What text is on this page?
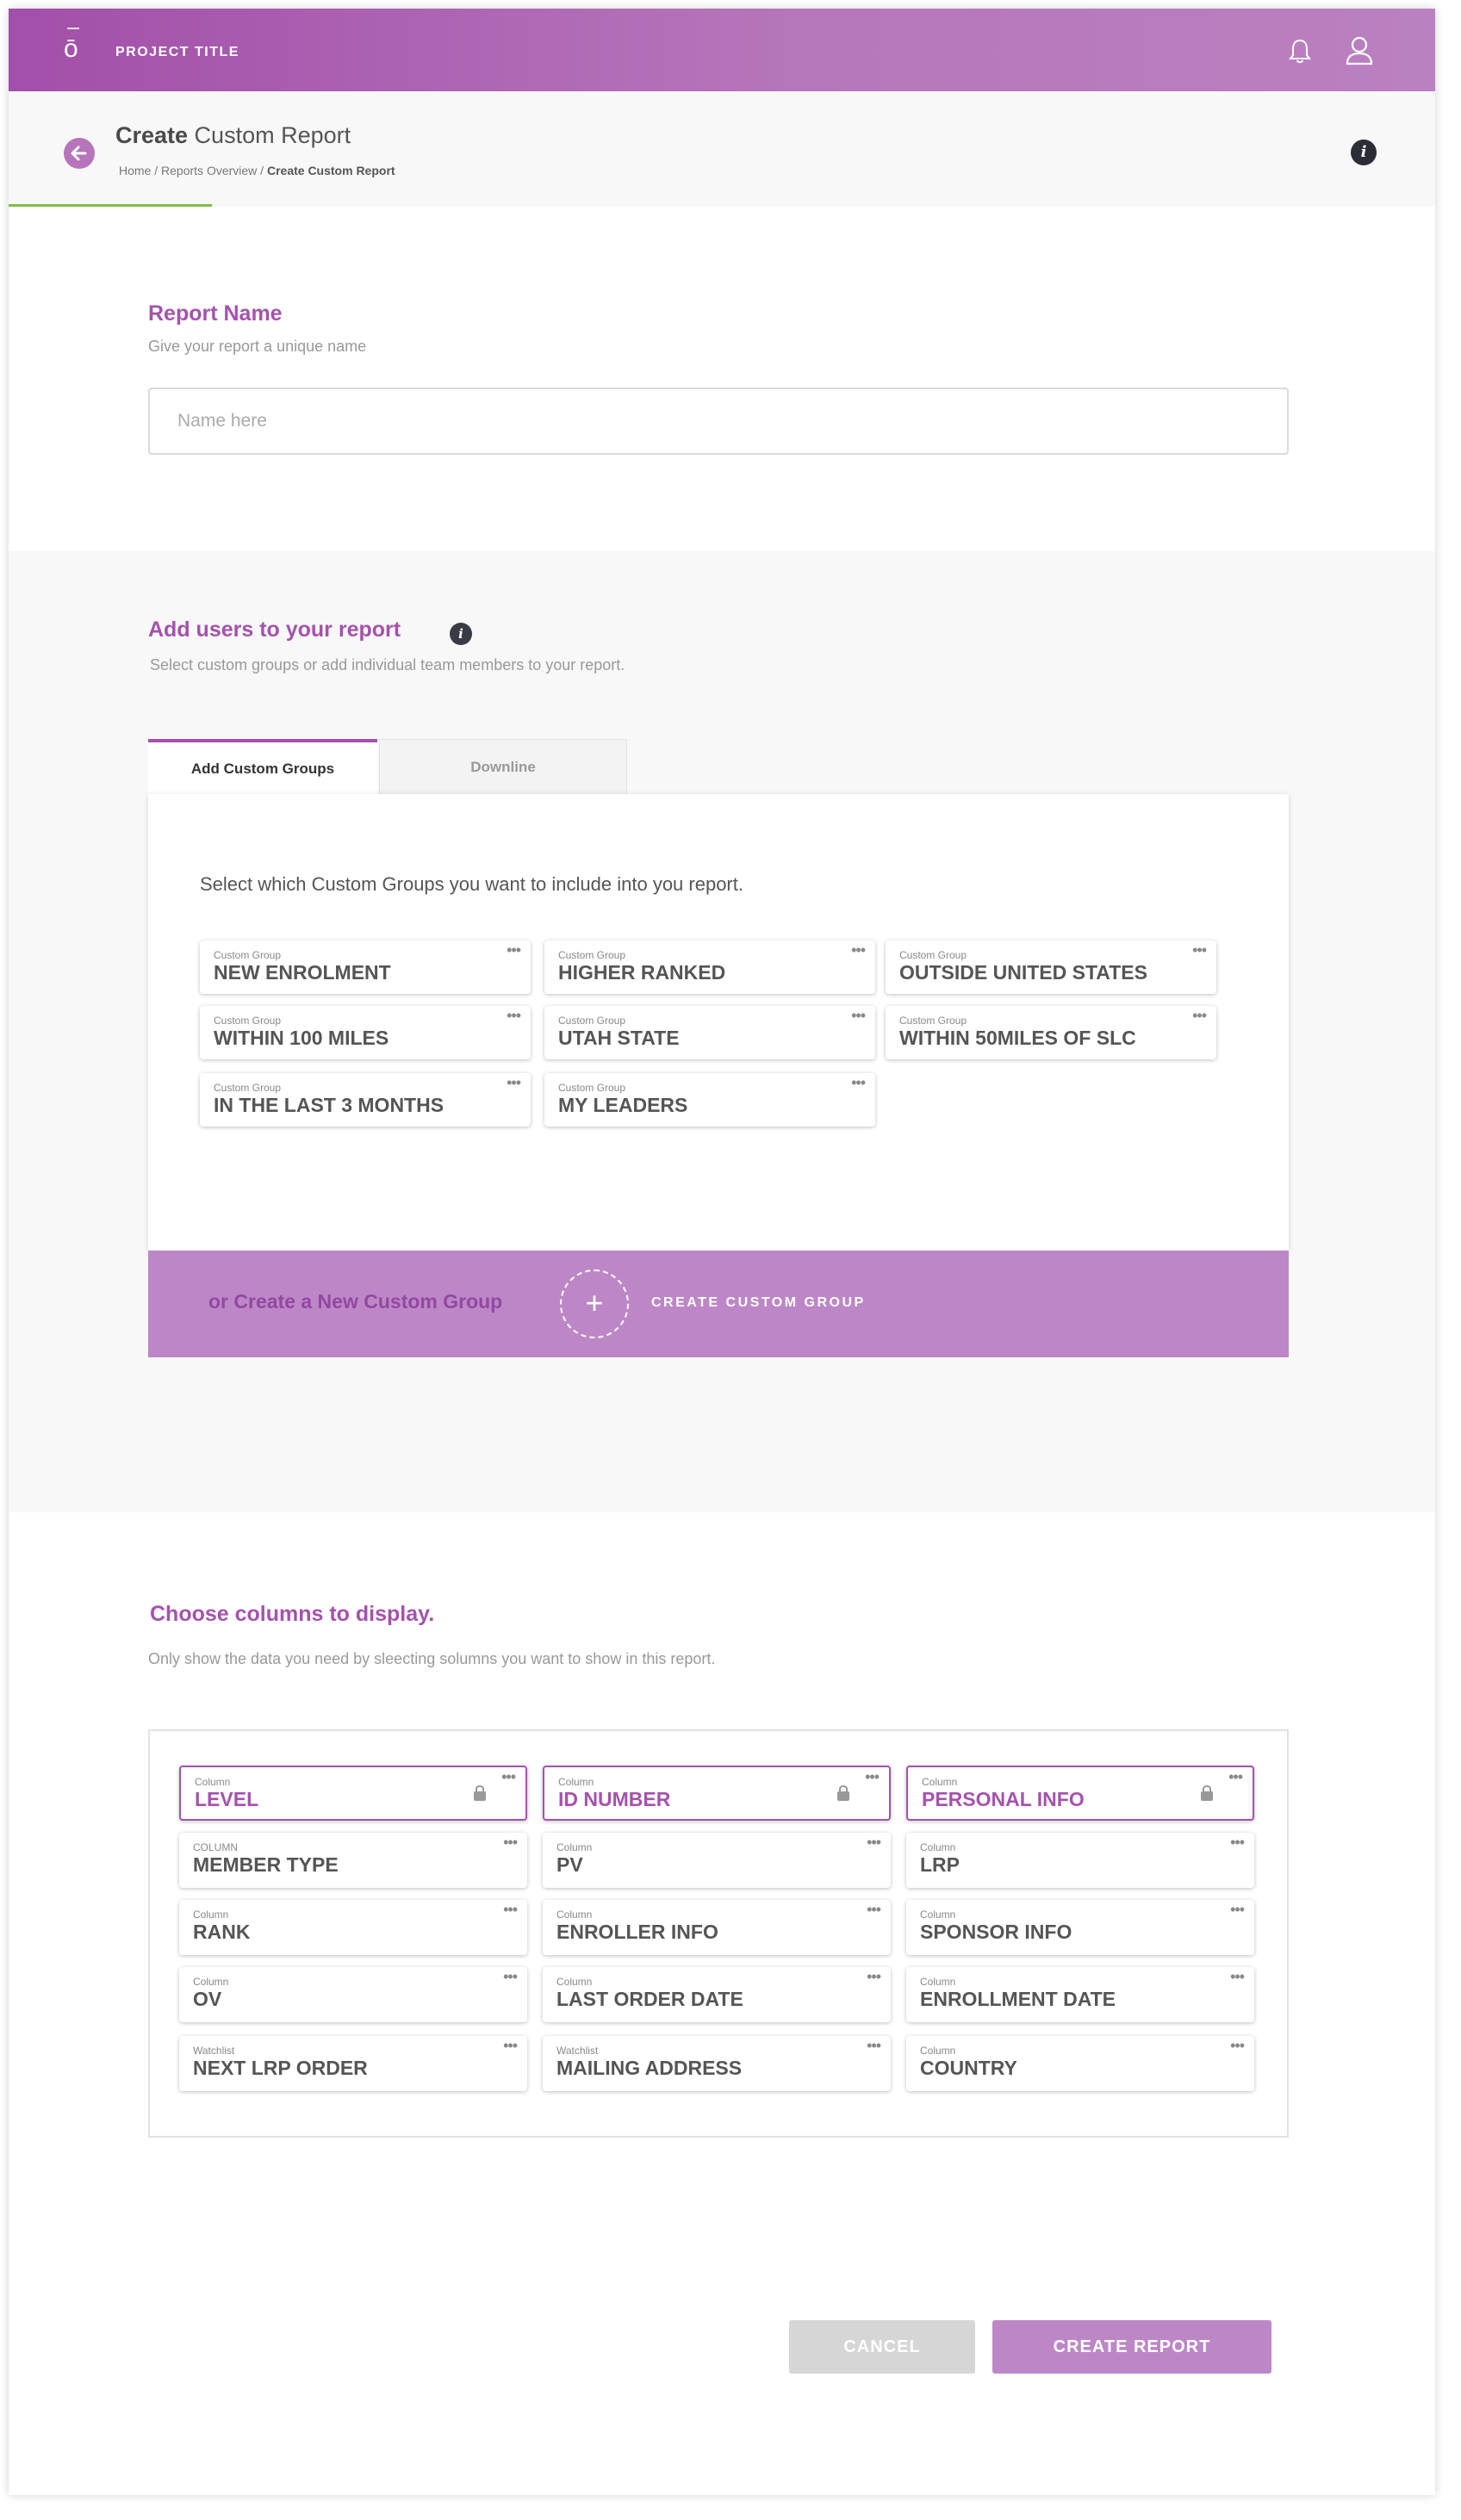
ō	PROJECT TITLE
Create Custom Report
Home / Reports Overview / Create Custom Report
i
Report Name
Give your report a unique name
Name here
Add users to your report	i
Select custom groups or add individual team members to your report.
Add Custom Groups	Downline
Select which Custom Groups you want to include into you report.
Custom Group
NEW ENROLMENT
•••	Custom Group
HIGHER RANKED
•••	Custom Group
OUTSIDE UNITED STATES
•••
Custom Group
WITHIN 100 MILES
•••	Custom Group
UTAH STATE
•••	Custom Group
WITHIN 50MILES OF SLC
•••
Custom Group
IN THE LAST 3 MONTHS
•••	Custom Group
MY LEADERS
•••
or Create a New Custom Group	+	CREATE CUSTOM GROUP
Choose columns to display.
Only show the data you need by sleecting solumns you want to show in this report.
Column
LEVEL
•••	Column
ID NUMBER
•••	Column
PERSONAL INFO
•••
COLUMN
MEMBER TYPE
•••	Column
PV
•••	Column
LRP
•••
Column
RANK
•••	Column
ENROLLER INFO
•••	Column
SPONSOR INFO
•••
Column
OV
•••	Column
LAST ORDER DATE
•••	Column
ENROLLMENT DATE
•••
Watchlist
NEXT LRP ORDER
•••	Watchlist
MAILING ADDRESS
•••	Column
COUNTRY
•••
CANCEL	CREATE REPORT
